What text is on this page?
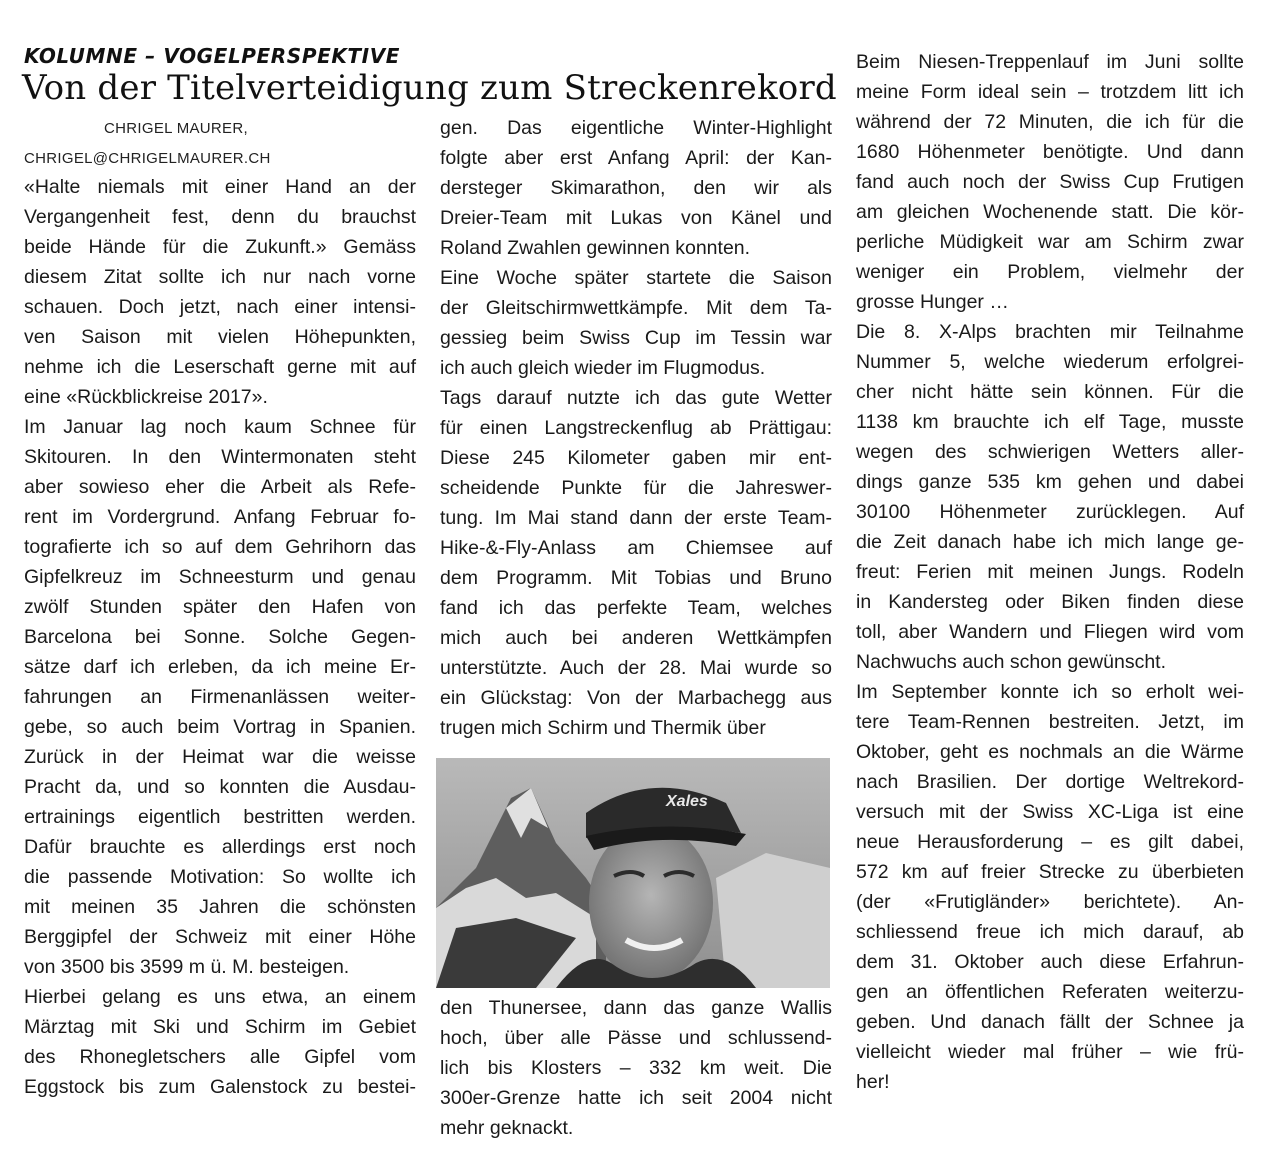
KOLUMNE – VOGELPERSPEKTIVE
Von der Titelverteidigung zum Streckenrekord
CHRIGEL MAURER,
CHRIGEL@CHRIGELMAURER.CH
«Halte niemals mit einer Hand an der
Vergangenheit fest, denn du brauchst
beide Hände für die Zukunft.» Gemäss
diesem Zitat sollte ich nur nach vorne
schauen. Doch jetzt, nach einer intensi-
ven Saison mit vielen Höhepunkten,
nehme ich die Leserschaft gerne mit auf
eine «Rückblickreise 2017».
Im Januar lag noch kaum Schnee für
Skitouren. In den Wintermonaten steht
aber sowieso eher die Arbeit als Refe-
rent im Vordergrund. Anfang Februar fo-
tografierte ich so auf dem Gehrihorn das
Gipfelkreuz im Schneesturm und genau
zwölf Stunden später den Hafen von
Barcelona bei Sonne. Solche Gegen-
sätze darf ich erleben, da ich meine Er-
fahrungen an Firmenanlässen weiter-
gebe, so auch beim Vortrag in Spanien.
Zurück in der Heimat war die weisse
Pracht da, und so konnten die Ausdau-
ertrainings eigentlich bestritten werden.
Dafür brauchte es allerdings erst noch
die passende Motivation: So wollte ich
mit meinen 35 Jahren die schönsten
Berggipfel der Schweiz mit einer Höhe
von 3500 bis 3599 m ü. M. besteigen.
Hierbei gelang es uns etwa, an einem
Märztag mit Ski und Schirm im Gebiet
des Rhonegletschers alle Gipfel vom
Eggstock bis zum Galenstock zu bestei-
gen. Das eigentliche Winter-Highlight
folgte aber erst Anfang April: der Kan-
dersteger Skimarathon, den wir als
Dreier-Team mit Lukas von Känel und
Roland Zwahlen gewinnen konnten.
Eine Woche später startete die Saison
der Gleitschirmwettkämpfe. Mit dem Ta-
gessieg beim Swiss Cup im Tessin war
ich auch gleich wieder im Flugmodus.
Tags darauf nutzte ich das gute Wetter
für einen Langstreckenflug ab Prättigau:
Diese 245 Kilometer gaben mir ent-
scheidende Punkte für die Jahreswer-
tung. Im Mai stand dann der erste Team-
Hike-&-Fly-Anlass am Chiemsee auf
dem Programm. Mit Tobias und Bruno
fand ich das perfekte Team, welches
mich auch bei anderen Wettkämpfen
unterstützte. Auch der 28. Mai wurde so
ein Glückstag: Von der Marbachegg aus
trugen mich Schirm und Thermik über
den Thunersee, dann das ganze Wallis
hoch, über alle Pässe und schlussend-
lich bis Klosters – 332 km weit. Die
300er-Grenze hatte ich seit 2004 nicht
mehr geknackt.
Beim Niesen-Treppenlauf im Juni sollte
meine Form ideal sein – trotzdem litt ich
während der 72 Minuten, die ich für die
1680 Höhenmeter benötigte. Und dann
fand auch noch der Swiss Cup Frutigen
am gleichen Wochenende statt. Die kör-
perliche Müdigkeit war am Schirm zwar
weniger ein Problem, vielmehr der
grosse Hunger …
Die 8. X-Alps brachten mir Teilnahme
Nummer 5, welche wiederum erfolgrei-
cher nicht hätte sein können. Für die
1138 km brauchte ich elf Tage, musste
wegen des schwierigen Wetters aller-
dings ganze 535 km gehen und dabei
30100 Höhenmeter zurücklegen. Auf
die Zeit danach habe ich mich lange ge-
freut: Ferien mit meinen Jungs. Rodeln
in Kandersteg oder Biken finden diese
toll, aber Wandern und Fliegen wird vom
Nachwuchs auch schon gewünscht.
Im September konnte ich so erholt wei-
tere Team-Rennen bestreiten. Jetzt, im
Oktober, geht es nochmals an die Wärme
nach Brasilien. Der dortige Weltrekord-
versuch mit der Swiss XC-Liga ist eine
neue Herausforderung – es gilt dabei,
572 km auf freier Strecke zu überbieten
(der «Frutigländer» berichtete). An-
schliessend freue ich mich darauf, ab
dem 31. Oktober auch diese Erfahrun-
gen an öffentlichen Referaten weiterzu-
geben. Und danach fällt der Schnee ja
vielleicht wieder mal früher – wie frü-
her!
Xales
